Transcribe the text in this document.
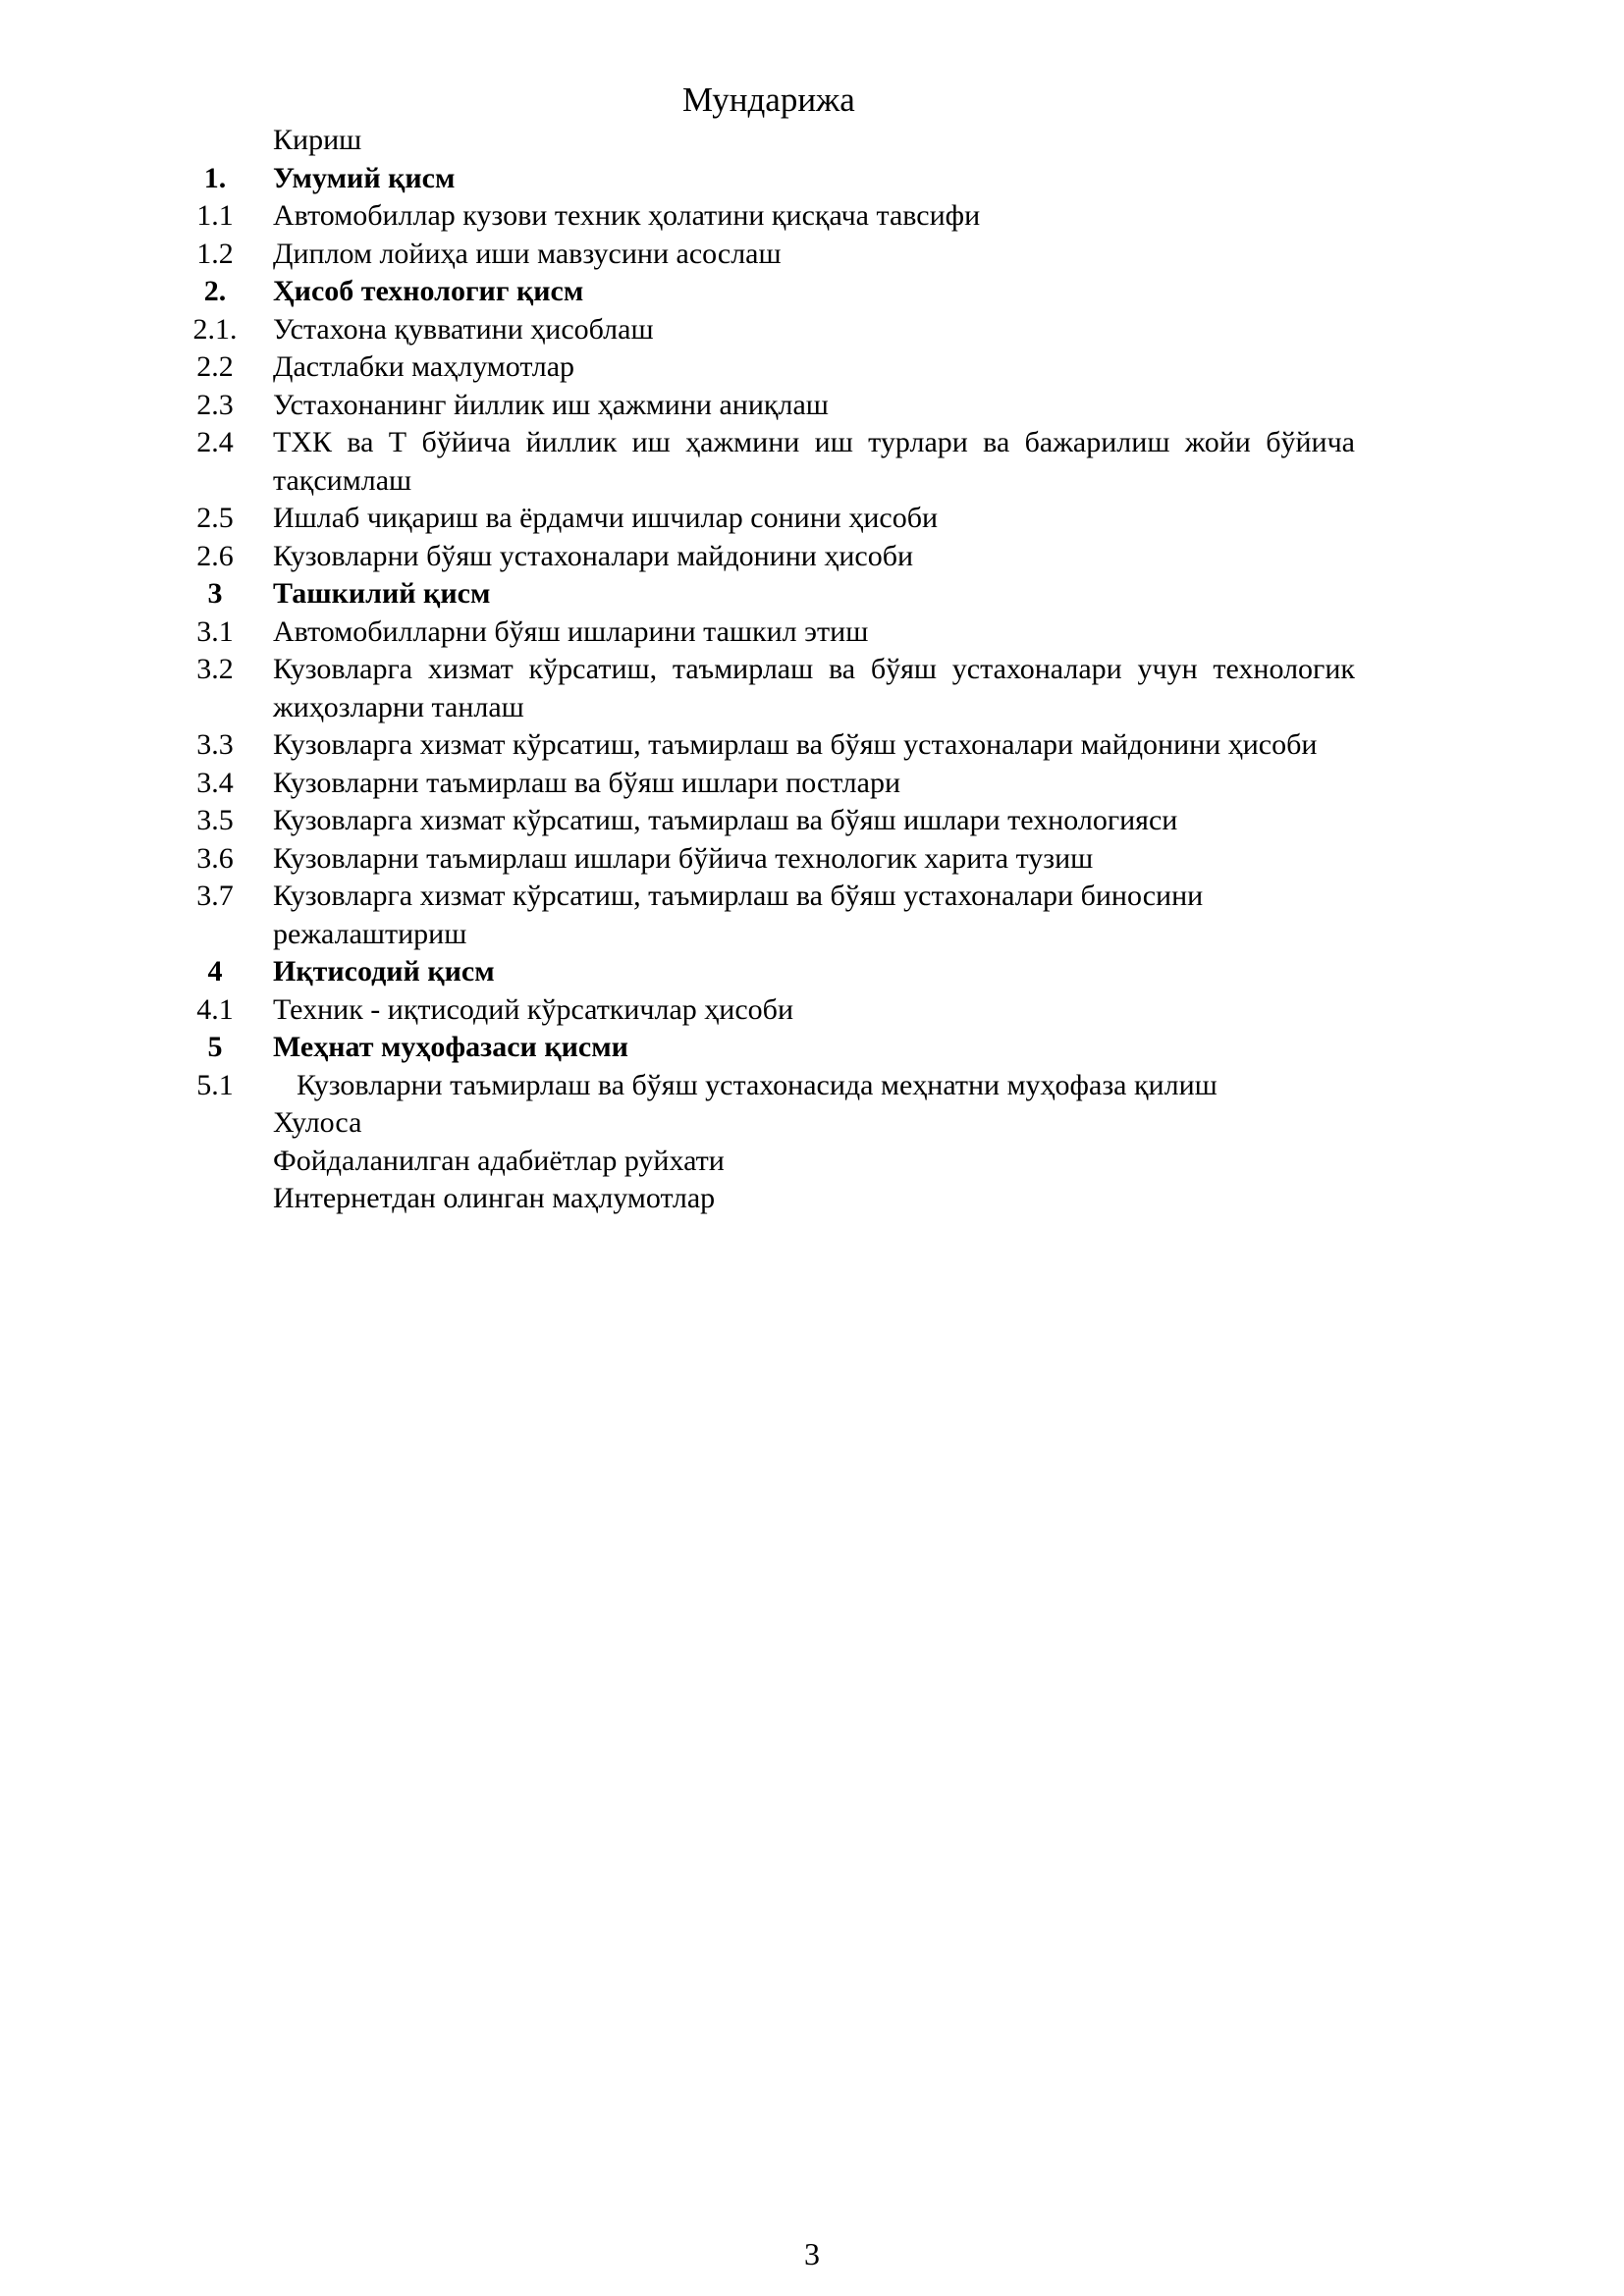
Мундарижа
Кириш
1.	Умумий қисм
1.1	Автомобиллар кузови техник ҳолатини қисқача тавсифи
1.2	Диплом лойиҳа иши мавзусини асослаш
2.	Ҳисоб технологиг қисм
2.1.	Устахона қувватини ҳисоблаш
2.2	Дастлабки маҳлумотлар
2.3	Устахонанинг йиллик иш ҳажмини аниқлаш
2.4	ТХК ва Т бўйича йиллик иш ҳажмини иш турлари ва бажарилиш жойи бўйича тақсимлаш
2.5	Ишлаб чиқариш ва ёрдамчи ишчилар сонини ҳисоби
2.6	Кузовларни бўяш устахоналари майдонини ҳисоби
3	Ташкилий қисм
3.1	Автомобилларни бўяш ишларини ташкил этиш
3.2	Кузовларга хизмат кўрсатиш, таъмирлаш ва бўяш устахоналари учун технологик жиҳозларни танлаш
3.3	Кузовларга хизмат кўрсатиш, таъмирлаш ва бўяш устахоналари майдонини ҳисоби
3.4	Кузовларни таъмирлаш ва бўяш ишлари постлари
3.5	Кузовларга хизмат кўрсатиш, таъмирлаш ва бўяш ишлари технологияси
3.6	Кузовларни таъмирлаш ишлари бўйича технологик харита тузиш
3.7	Кузовларга хизмат кўрсатиш, таъмирлаш ва бўяш устахоналари биносини режалаштириш
4	Иқтисодий қисм
4.1	Техник - иқтисодий кўрсаткичлар ҳисоби
5	Меҳнат муҳофазаси қисми
5.1	Кузовларни таъмирлаш ва бўяш устахонасида меҳнатни муҳофаза қилиш
Хулоса
Фойдаланилган адабиётлар руйхати
Интернетдан олинган маҳлумотлар
3
